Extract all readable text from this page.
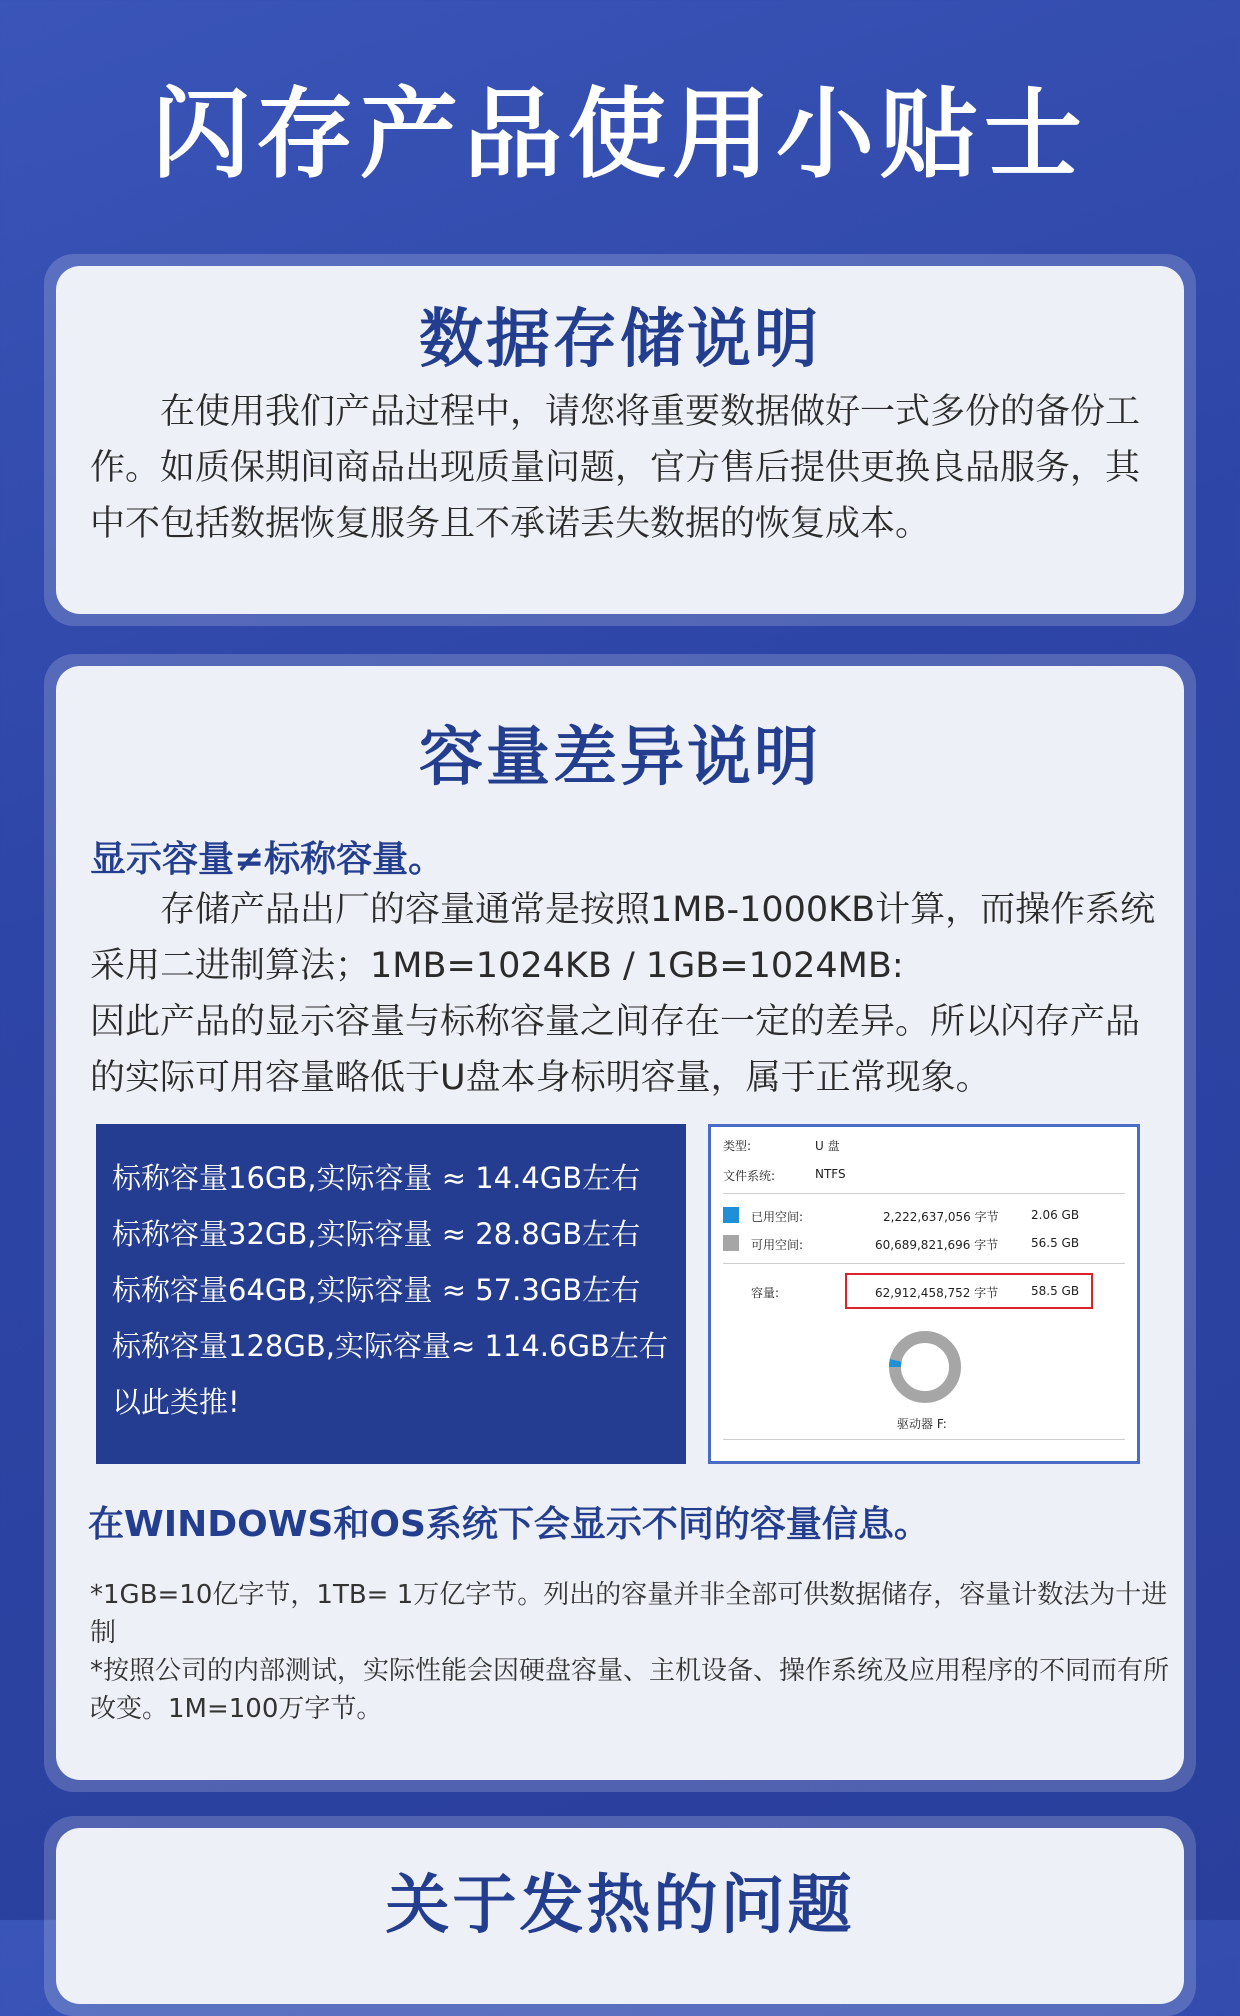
闪存产品使用小贴士
数据存储说明
在使用我们产品过程中，请您将重要数据做好一式多份的备份工作。如质保期间商品出现质量问题，官方售后提供更换良品服务，其中不包括数据恢复服务且不承诺丢失数据的恢复成本。
容量差异说明
显示容量≠标称容量。
存储产品出厂的容量通常是按照1MB-1000KB计算，而操作系统采用二进制算法；1MB=1024KB / 1GB=1024MB:
因此产品的显示容量与标称容量之间存在一定的差异。所以闪存产品的实际可用容量略低于U盘本身标明容量，属于正常现象。
标称容量16GB,实际容量 ≈ 14.4GB左右
标称容量32GB,实际容量 ≈ 28.8GB左右
标称容量64GB,实际容量 ≈ 57.3GB左右
标称容量128GB,实际容量≈ 114.6GB左右
以此类推!
类型:	U 盘
文件系统:	NTFS
已用空间:	2,222,637,056 字节	2.06 GB
可用空间:	60,689,821,696 字节	56.5 GB
容量:	62,912,458,752 字节	58.5 GB
驱动器 F:
在WINDOWS和OS系统下会显示不同的容量信息。
*1GB=10亿字节，1TB= 1万亿字节。列出的容量并非全部可供数据储存，容量计数法为十进制
*按照公司的内部测试，实际性能会因硬盘容量、主机设备、操作系统及应用程序的不同而有所改变。1M=100万字节。
关于发热的问题
